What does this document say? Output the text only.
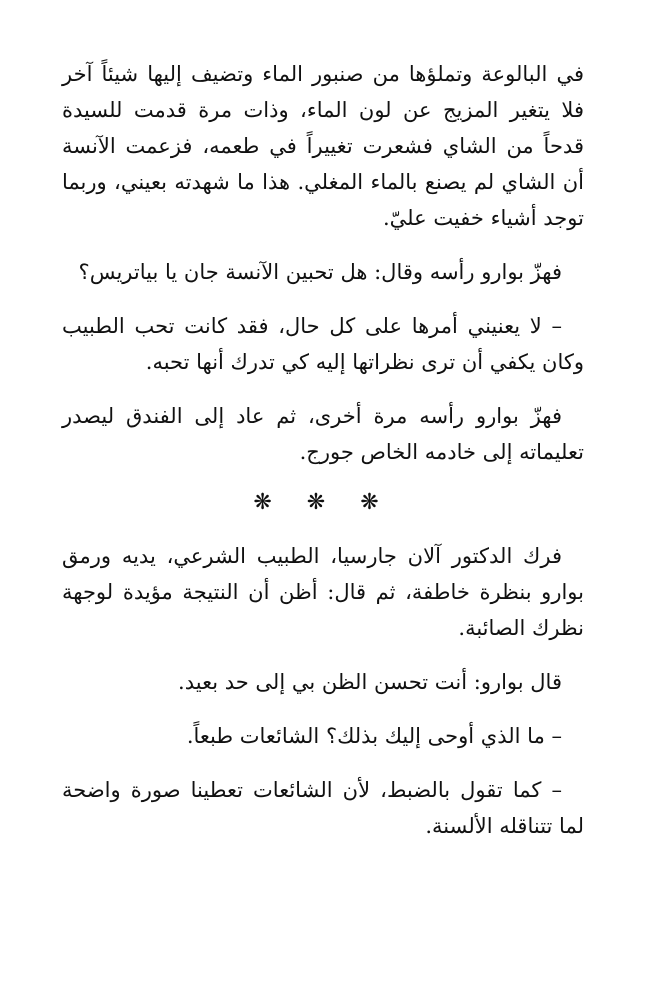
في البالوعة وتملؤها من صنبور الماء وتضيف إليها شيئاً آخر فلا يتغير المزيج عن لون الماء، وذات مرة قدمت للسيدة قدحاً من الشاي فشعرت تغييراً في طعمه، فزعمت الآنسة أن الشاي لم يصنع بالماء المغلي. هذا ما شهدته بعيني، وربما توجد أشياء خفيت عليّ.

فهزّ بوارو رأسه وقال: هل تحبين الآنسة جان يا بياتريس؟

– لا يعنيني أمرها على كل حال، فقد كانت تحب الطبيب وكان يكفي أن ترى نظراتها إليه كي تدرك أنها تحبه.

فهزّ بوارو رأسه مرة أخرى، ثم عاد إلى الفندق ليصدر تعليماته إلى خادمه الخاص جورج.

❋ ❋ ❋

فرك الدكتور آلان جارسيا، الطبيب الشرعي، يديه ورمق بوارو بنظرة خاطفة، ثم قال: أظن أن النتيجة مؤيدة لوجهة نظرك الصائبة.

قال بوارو: أنت تحسن الظن بي إلى حد بعيد.

– ما الذي أوحى إليك بذلك؟ الشائعات طبعاً.

– كما تقول بالضبط، لأن الشائعات تعطينا صورة واضحة لما تتناقله الألسنة.
